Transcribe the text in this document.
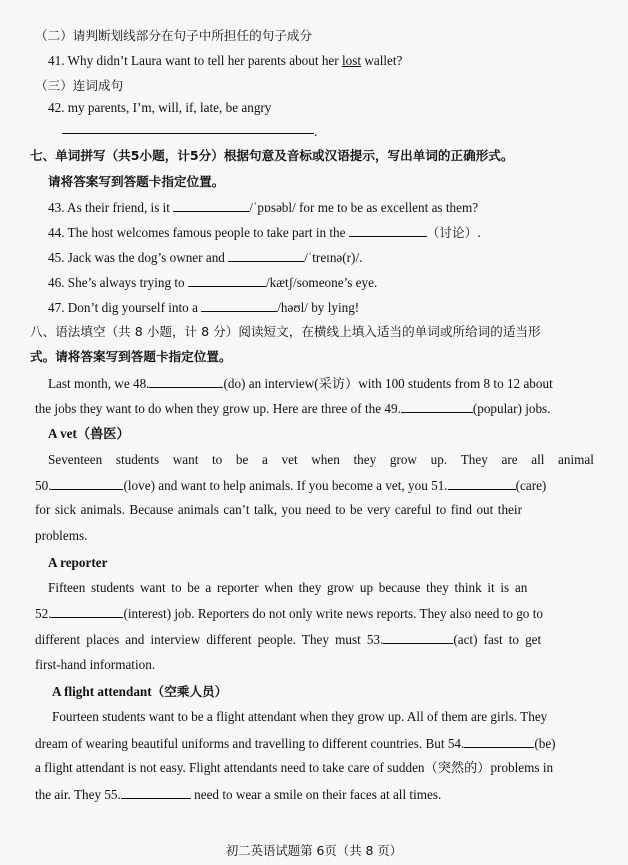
（二）请判断划线部分在句子中所担任的句子成分
41. Why didn’t Laura want to tell her parents about her lost wallet?
（三）连词成句
42. my parents, I’m, will, if, late, be angry
.
七、单词拼写（共5小题，计5分）根据句意及音标或汉语提示，写出单词的正确形式。
请将答案写到答题卡指定位置。
43. As their friend, is it	/ˈpɒsəbl/ for me to be as excellent as them?
44. The host welcomes famous people to take part in the	（讨论）.
45. Jack was the dog’s owner and	/ˈtreɪnə(r)/.
46. She’s always trying to	/kætʃ/someone’s eye.
47. Don’t dig yourself into a	/həʊl/ by lying!
八、语法填空（共 8 小题，计 8 分）阅读短文，在横线上填入适当的单词或所给词的适当形
式。请将答案写到答题卡指定位置。
Last month, we 48.	(do) an interview(采访）with 100 students from 8 to 12 about
the jobs they want to do when they grow up. Here are three of the 49.	(popular) jobs.
A vet（兽医）
Seventeen students want to be a vet when they grow up. They are all animal
50.	(love) and want to help animals. If you become a vet, you 51.	(care)
for sick animals. Because animals can’t talk, you need to be very careful to find out their
problems.
A reporter
Fifteen students want to be a reporter when they grow up because they think it is an
52.	(interest) job. Reporters do not only write news reports. They also need to go to
different places and interview different people. They must 53.	(act) fast to get
first-hand information.
A flight attendant（空乘人员）
Fourteen students want to be a flight attendant when they grow up. All of them are girls. They
dream of wearing beautiful uniforms and travelling to different countries. But 54.	(be)
a flight attendant is not easy. Flight attendants need to take care of sudden（突然的）problems in
the air. They 55.	need to wear a smile on their faces at all times.
初二英语试题第 6页（共 8 页）
